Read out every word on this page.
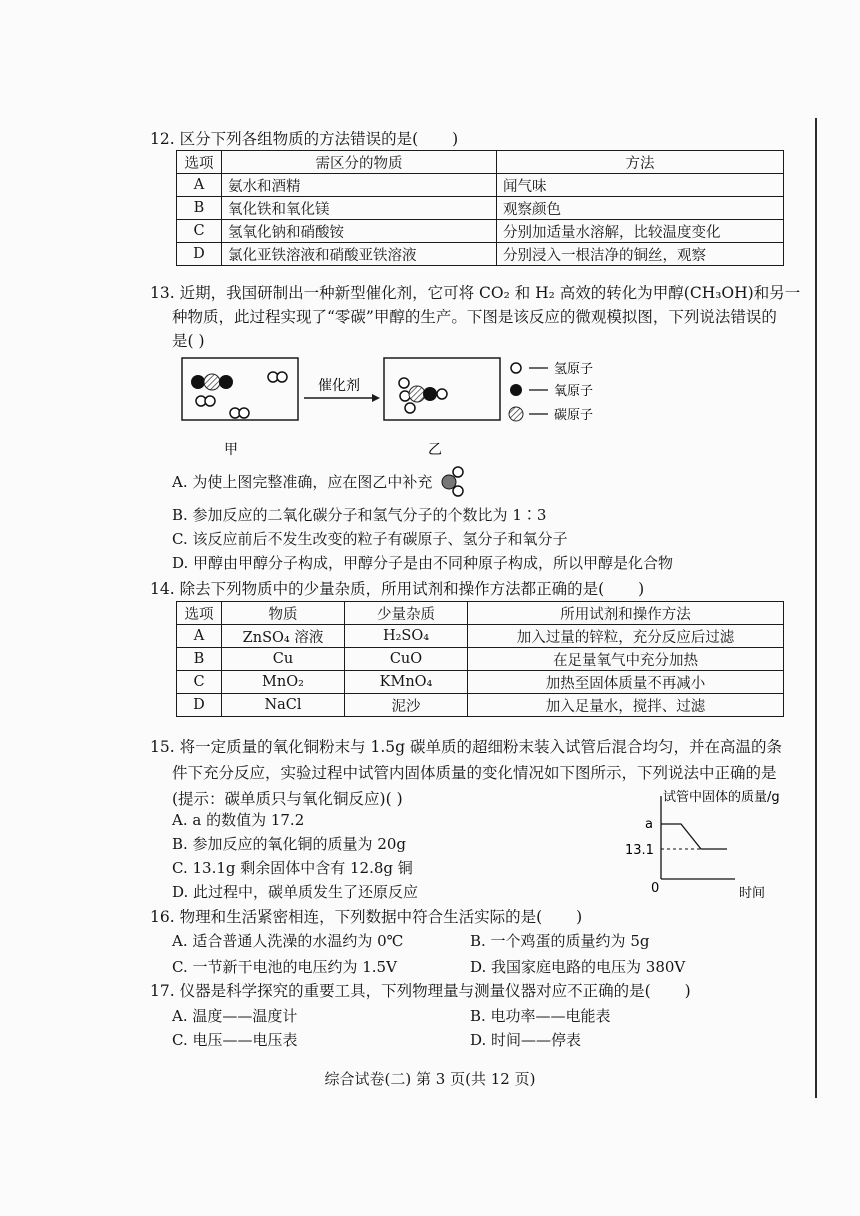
12. 区分下列各组物质的方法错误的是( )
选项	需区分的物质	方法
A	氨水和酒精	闻气味
B	氧化铁和氧化镁	观察颜色
C	氢氧化钠和硝酸铵	分别加适量水溶解，比较温度变化
D	氯化亚铁溶液和硝酸亚铁溶液	分别浸入一根洁净的铜丝，观察
13. 近期，我国研制出一种新型催化剂，它可将 CO₂ 和 H₂ 高效的转化为甲醇(CH₃OH)和另一
种物质，此过程实现了“零碳”甲醇的生产。下图是该反应的微观模拟图，下列说法错误的
是( )
催化剂
甲	乙
氢原子
氧原子
碳原子
A. 为使上图完整准确，应在图乙中补充
B. 参加反应的二氧化碳分子和氢气分子的个数比为 1∶3
C. 该反应前后不发生改变的粒子有碳原子、氢分子和氧分子
D. 甲醇由甲醇分子构成，甲醇分子是由不同种原子构成，所以甲醇是化合物
14. 除去下列物质中的少量杂质，所用试剂和操作方法都正确的是( )
选项	物质	少量杂质	所用试剂和操作方法
A	ZnSO₄ 溶液	H₂SO₄	加入过量的锌粒，充分反应后过滤
B	Cu	CuO	在足量氧气中充分加热
C	MnO₂	KMnO₄	加热至固体质量不再减小
D	NaCl	泥沙	加入足量水，搅拌、过滤
15. 将一定质量的氧化铜粉末与 1.5g 碳单质的超细粉末装入试管后混合均匀，并在高温的条
件下充分反应，实验过程中试管内固体质量的变化情况如下图所示，下列说法中正确的是
(提示：碳单质只与氧化铜反应)( )
A. a 的数值为 17.2
B. 参加反应的氧化铜的质量为 20g
C. 13.1g 剩余固体中含有 12.8g 铜
D. 此过程中，碳单质发生了还原反应
试管中固体的质量/g
a
13.1
0	时间
16. 物理和生活紧密相连，下列数据中符合生活实际的是( )
A. 适合普通人洗澡的水温约为 0℃	B. 一个鸡蛋的质量约为 5g
C. 一节新干电池的电压约为 1.5V	D. 我国家庭电路的电压为 380V
17. 仪器是科学探究的重要工具，下列物理量与测量仪器对应不正确的是( )
A. 温度——温度计	B. 电功率——电能表
C. 电压——电压表	D. 时间——停表
综合试卷(二) 第 3 页(共 12 页)
